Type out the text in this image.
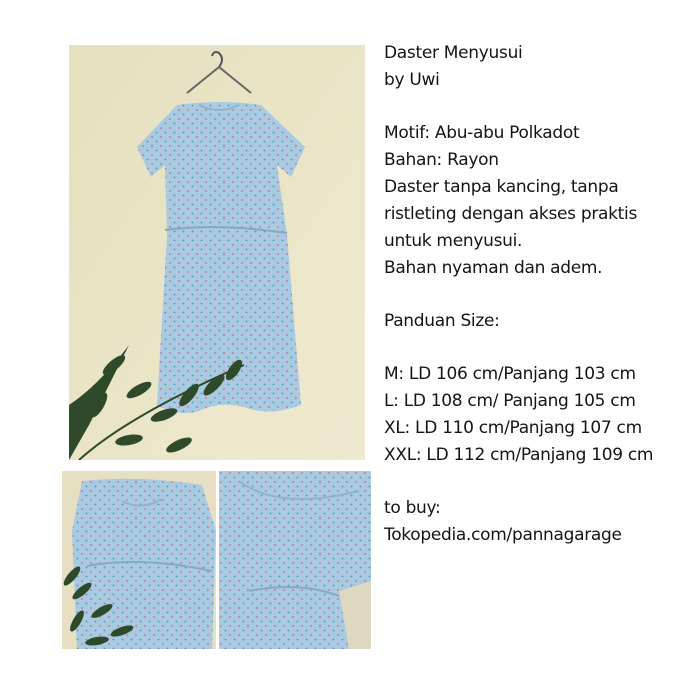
Daster Menyusui
by Uwi
Motif: Abu-abu Polkadot
Bahan: Rayon
Daster tanpa kancing, tanpa
ristleting dengan akses praktis
untuk menyusui.
Bahan nyaman dan adem.
Panduan Size:
M: LD 106 cm/Panjang 103 cm
L: LD 108 cm/ Panjang 105 cm
XL: LD 110 cm/Panjang 107 cm
XXL: LD 112 cm/Panjang 109 cm
to buy:
Tokopedia.com/pannagarage
